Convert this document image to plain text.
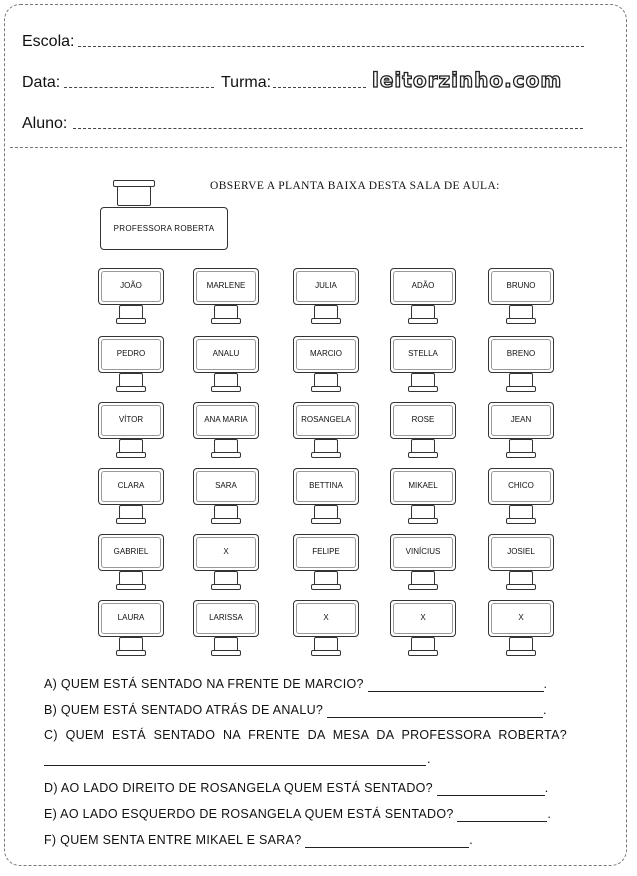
Escola:
Data:	Turma:	leitorzinho.com
Aluno:
OBSERVE A PLANTA BAIXA DESTA SALA DE AULA:
PROFESSORA ROBERTA
JOÃO	MARLENE	JULIA	ADÃO	BRUNO
PEDRO	ANALU	MARCIO	STELLA	BRENO
VÍTOR	ANA MARIA	ROSANGELA	ROSE	JEAN
CLARA	SARA	BETTINA	MIKAEL	CHICO
GABRIEL	X	FELIPE	VINÍCIUS	JOSIEL
LAURA	LARISSA	X	X	X
A) QUEM ESTÁ SENTADO NA FRENTE DE MARCIO?	.
B) QUEM ESTÁ SENTADO ATRÁS DE ANALU?	.
C) QUEM ESTÁ SENTADO NA FRENTE DA MESA DA PROFESSORA ROBERTA?
.
D) AO LADO DIREITO DE ROSANGELA QUEM ESTÁ SENTADO?	.
E) AO LADO ESQUERDO DE ROSANGELA QUEM ESTÁ SENTADO?	.
F) QUEM SENTA ENTRE MIKAEL E SARA?	.
